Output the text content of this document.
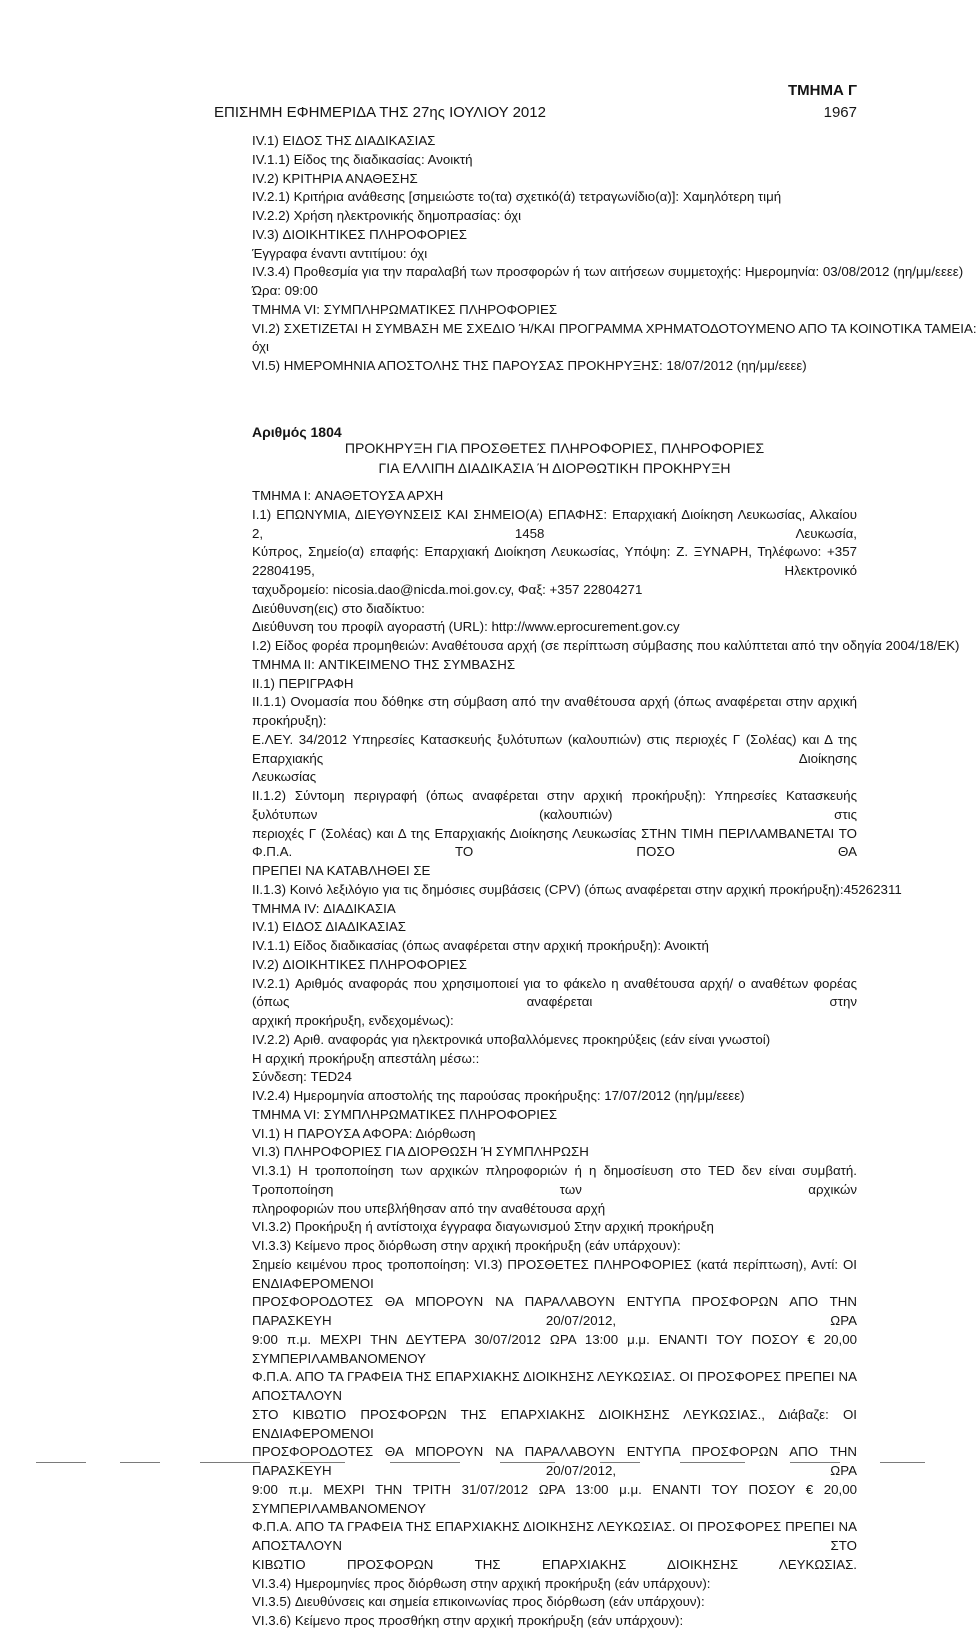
ΤΜΗΜΑ Γ
ΕΠΙΣΗΜΗ ΕΦΗΜΕΡΙΔΑ ΤΗΣ 27ης ΙΟΥΛΙΟΥ 2012	1967
IV.1) ΕΙΔΟΣ ΤΗΣ ΔΙΑΔΙΚΑΣΙΑΣ
IV.1.1) Είδος της διαδικασίας: Ανοικτή
IV.2) ΚΡΙΤΗΡΙΑ ΑΝΑΘΕΣΗΣ
IV.2.1) Κριτήρια ανάθεσης [σημειώστε το(τα) σχετικό(ά) τετραγωνίδιο(α)]: Χαμηλότερη τιμή
IV.2.2) Χρήση ηλεκτρονικής δημοπρασίας: όχι
IV.3) ΔΙΟΙΚΗΤΙΚΕΣ ΠΛΗΡΟΦΟΡΙΕΣ
Έγγραφα έναντι αντιτίμου: όχι
IV.3.4) Προθεσμία για την παραλαβή των προσφορών ή των αιτήσεων συμμετοχής: Ημερομηνία: 03/08/2012 (ηη/μμ/εεεε)
Ώρα: 09:00
ΤΜΗΜΑ VI: ΣΥΜΠΛΗΡΩΜΑΤΙΚΕΣ ΠΛΗΡΟΦΟΡΙΕΣ
VI.2) ΣΧΕΤΙΖΕΤΑΙ Η ΣΥΜΒΑΣΗ ΜΕ ΣΧΕΔΙΟ Ή/ΚΑΙ ΠΡΟΓΡΑΜΜΑ ΧΡΗΜΑΤΟΔΟΤΟΥΜΕΝΟ ΑΠΟ ΤΑ ΚΟΙΝΟΤΙΚΑ ΤΑΜΕΙΑ:
όχι
VI.5) ΗΜΕΡΟΜΗΝΙΑ ΑΠΟΣΤΟΛΗΣ ΤΗΣ ΠΑΡΟΥΣΑΣ ΠΡΟΚΗΡΥΞΗΣ: 18/07/2012 (ηη/μμ/εεεε)
Αριθμός 1804
ΠΡΟΚΗΡΥΞΗ ΓΙΑ ΠΡΟΣΘΕΤΕΣ ΠΛΗΡΟΦΟΡΙΕΣ, ΠΛΗΡΟΦΟΡΙΕΣ
ΓΙΑ ΕΛΛΙΠΗ ΔΙΑΔΙΚΑΣΙΑ Ή ΔΙΟΡΘΩΤΙΚΗ ΠΡΟΚΗΡΥΞΗ
ΤΜΗΜΑ I: ΑΝΑΘΕΤΟΥΣΑ ΑΡΧΗ
I.1) ΕΠΩΝΥΜΙΑ, ΔΙΕΥΘΥΝΣΕΙΣ ΚΑΙ ΣΗΜΕΙΟ(Α) ΕΠΑΦΗΣ: Επαρχιακή Διοίκηση Λευκωσίας, Αλκαίου 2, 1458 Λευκωσία,
Κύπρος, Σημείο(α) επαφής: Επαρχιακή Διοίκηση Λευκωσίας, Υπόψη: Ζ. ΞΥΝΑΡΗ, Τηλέφωνο: +357 22804195, Ηλεκτρονικό
ταχυδρομείο: nicosia.dao@nicda.moi.gov.cy, Φαξ: +357 22804271
Διεύθυνση(εις) στο διαδίκτυο:
Διεύθυνση του προφίλ αγοραστή (URL): http://www.eprocurement.gov.cy
I.2) Είδος φορέα προμηθειών: Αναθέτουσα αρχή (σε περίπτωση σύμβασης που καλύπτεται από την οδηγία 2004/18/ΕΚ)
ΤΜΗΜΑ II: ΑΝΤΙΚΕΙΜΕΝΟ ΤΗΣ ΣΥΜΒΑΣΗΣ
II.1) ΠΕΡΙΓΡΑΦΗ
II.1.1) Ονομασία που δόθηκε στη σύμβαση από την αναθέτουσα αρχή (όπως αναφέρεται στην αρχική προκήρυξη):
Ε.ΛΕΥ. 34/2012 Υπηρεσίες Κατασκευής ξυλότυπων (καλουπιών) στις περιοχές Γ (Σολέας) και Δ της Επαρχιακής Διοίκησης
Λευκωσίας
II.1.2) Σύντομη περιγραφή (όπως αναφέρεται στην αρχική προκήρυξη): Υπηρεσίες Κατασκευής ξυλότυπων (καλουπιών) στις
περιοχές Γ (Σολέας) και Δ της Επαρχιακής Διοίκησης Λευκωσίας ΣΤΗΝ ΤΙΜΗ ΠΕΡΙΛΑΜΒΑΝΕΤΑΙ ΤΟ Φ.Π.Α. ΤΟ ΠΟΣΟ ΘΑ
ΠΡΕΠΕΙ ΝΑ ΚΑΤΑΒΛΗΘΕΙ ΣΕ
II.1.3) Κοινό λεξιλόγιο για τις δημόσιες συμβάσεις (CPV) (όπως αναφέρεται στην αρχική προκήρυξη):45262311
ΤΜΗΜΑ IV: ΔΙΑΔΙΚΑΣΙΑ
IV.1) ΕΙΔΟΣ ΔΙΑΔΙΚΑΣΙΑΣ
IV.1.1) Είδος διαδικασίας (όπως αναφέρεται στην αρχική προκήρυξη): Ανοικτή
IV.2) ΔΙΟΙΚΗΤΙΚΕΣ ΠΛΗΡΟΦΟΡΙΕΣ
IV.2.1) Αριθμός αναφοράς που χρησιμοποιεί για το φάκελο η αναθέτουσα αρχή/ ο αναθέτων φορέας (όπως αναφέρεται στην
αρχική προκήρυξη, ενδεχομένως):
IV.2.2) Αριθ. αναφοράς για ηλεκτρονικά υποβαλλόμενες προκηρύξεις (εάν είναι γνωστοί)
Η αρχική προκήρυξη απεστάλη μέσω::
Σύνδεση: TED24
IV.2.4) Ημερομηνία αποστολής της παρούσας προκήρυξης: 17/07/2012 (ηη/μμ/εεεε)
ΤΜΗΜΑ VI: ΣΥΜΠΛΗΡΩΜΑΤΙΚΕΣ ΠΛΗΡΟΦΟΡΙΕΣ
VI.1) Η ΠΑΡΟΥΣΑ ΑΦΟΡΑ: Διόρθωση
VI.3) ΠΛΗΡΟΦΟΡΙΕΣ ΓΙΑ ΔΙΟΡΘΩΣΗ Ή ΣΥΜΠΛΗΡΩΣΗ
VI.3.1) Η τροποποίηση των αρχικών πληροφοριών ή η δημοσίευση στο TED δεν είναι συμβατή. Τροποποίηση των αρχικών
πληροφοριών που υπεβλήθησαν από την αναθέτουσα αρχή
VI.3.2) Προκήρυξη ή αντίστοιχα έγγραφα διαγωνισμού Στην αρχική προκήρυξη
VI.3.3) Κείμενο προς διόρθωση στην αρχική προκήρυξη (εάν υπάρχουν):
Σημείο κειμένου προς τροποποίηση: VI.3) ΠΡΟΣΘΕΤΕΣ ΠΛΗΡΟΦΟΡΙΕΣ (κατά περίπτωση), Αντί: ΟΙ ΕΝΔΙΑΦΕΡΟΜΕΝΟΙ
ΠΡΟΣΦΟΡΟΔΟΤΕΣ ΘΑ ΜΠΟΡΟΥΝ ΝΑ ΠΑΡΑΛΑΒΟΥΝ ΕΝΤΥΠΑ ΠΡΟΣΦΟΡΩΝ ΑΠΟ ΤΗΝ ΠΑΡΑΣΚΕΥΗ 20/07/2012, ΩΡΑ
9:00 π.μ. ΜΕΧΡΙ ΤΗΝ ΔΕΥΤΕΡΑ 30/07/2012 ΩΡΑ 13:00 μ.μ. ΕΝΑΝΤΙ ΤΟΥ ΠΟΣΟΥ € 20,00 ΣΥΜΠΕΡΙΛΑΜΒΑΝΟΜΕΝΟΥ
Φ.Π.Α. ΑΠΟ ΤΑ ΓΡΑΦΕΙΑ ΤΗΣ ΕΠΑΡΧΙΑΚΗΣ ΔΙΟΙΚΗΣΗΣ ΛΕΥΚΩΣΙΑΣ. ΟΙ ΠΡΟΣΦΟΡΕΣ ΠΡΕΠΕΙ ΝΑ ΑΠΟΣΤΑΛΟΥΝ
ΣΤΟ ΚΙΒΩΤΙΟ ΠΡΟΣΦΟΡΩΝ ΤΗΣ ΕΠΑΡΧΙΑΚΗΣ ΔΙΟΙΚΗΣΗΣ ΛΕΥΚΩΣΙΑΣ., Διάβαζε: ΟΙ ΕΝΔΙΑΦΕΡΟΜΕΝΟΙ
ΠΡΟΣΦΟΡΟΔΟΤΕΣ ΘΑ ΜΠΟΡΟΥΝ ΝΑ ΠΑΡΑΛΑΒΟΥΝ ΕΝΤΥΠΑ ΠΡΟΣΦΟΡΩΝ ΑΠΟ ΤΗΝ ΠΑΡΑΣΚΕΥΗ 20/07/2012, ΩΡΑ
9:00 π.μ. ΜΕΧΡΙ ΤΗΝ ΤΡΙΤΗ 31/07/2012 ΩΡΑ 13:00 μ.μ. ΕΝΑΝΤΙ ΤΟΥ ΠΟΣΟΥ € 20,00 ΣΥΜΠΕΡΙΛΑΜΒΑΝΟΜΕΝΟΥ
Φ.Π.Α. ΑΠΟ ΤΑ ΓΡΑΦΕΙΑ ΤΗΣ ΕΠΑΡΧΙΑΚΗΣ ΔΙΟΙΚΗΣΗΣ ΛΕΥΚΩΣΙΑΣ. ΟΙ ΠΡΟΣΦΟΡΕΣ ΠΡΕΠΕΙ ΝΑ ΑΠΟΣΤΑΛΟΥΝ ΣΤΟ
ΚΙΒΩΤΙΟ ΠΡΟΣΦΟΡΩΝ ΤΗΣ ΕΠΑΡΧΙΑΚΗΣ ΔΙΟΙΚΗΣΗΣ ΛΕΥΚΩΣΙΑΣ.
VI.3.4) Ημερομηνίες προς διόρθωση στην αρχική προκήρυξη (εάν υπάρχουν):
VI.3.5) Διευθύνσεις και σημεία επικοινωνίας προς διόρθωση (εάν υπάρχουν):
VI.3.6) Κείμενο προς προσθήκη στην αρχική προκήρυξη (εάν υπάρχουν):
